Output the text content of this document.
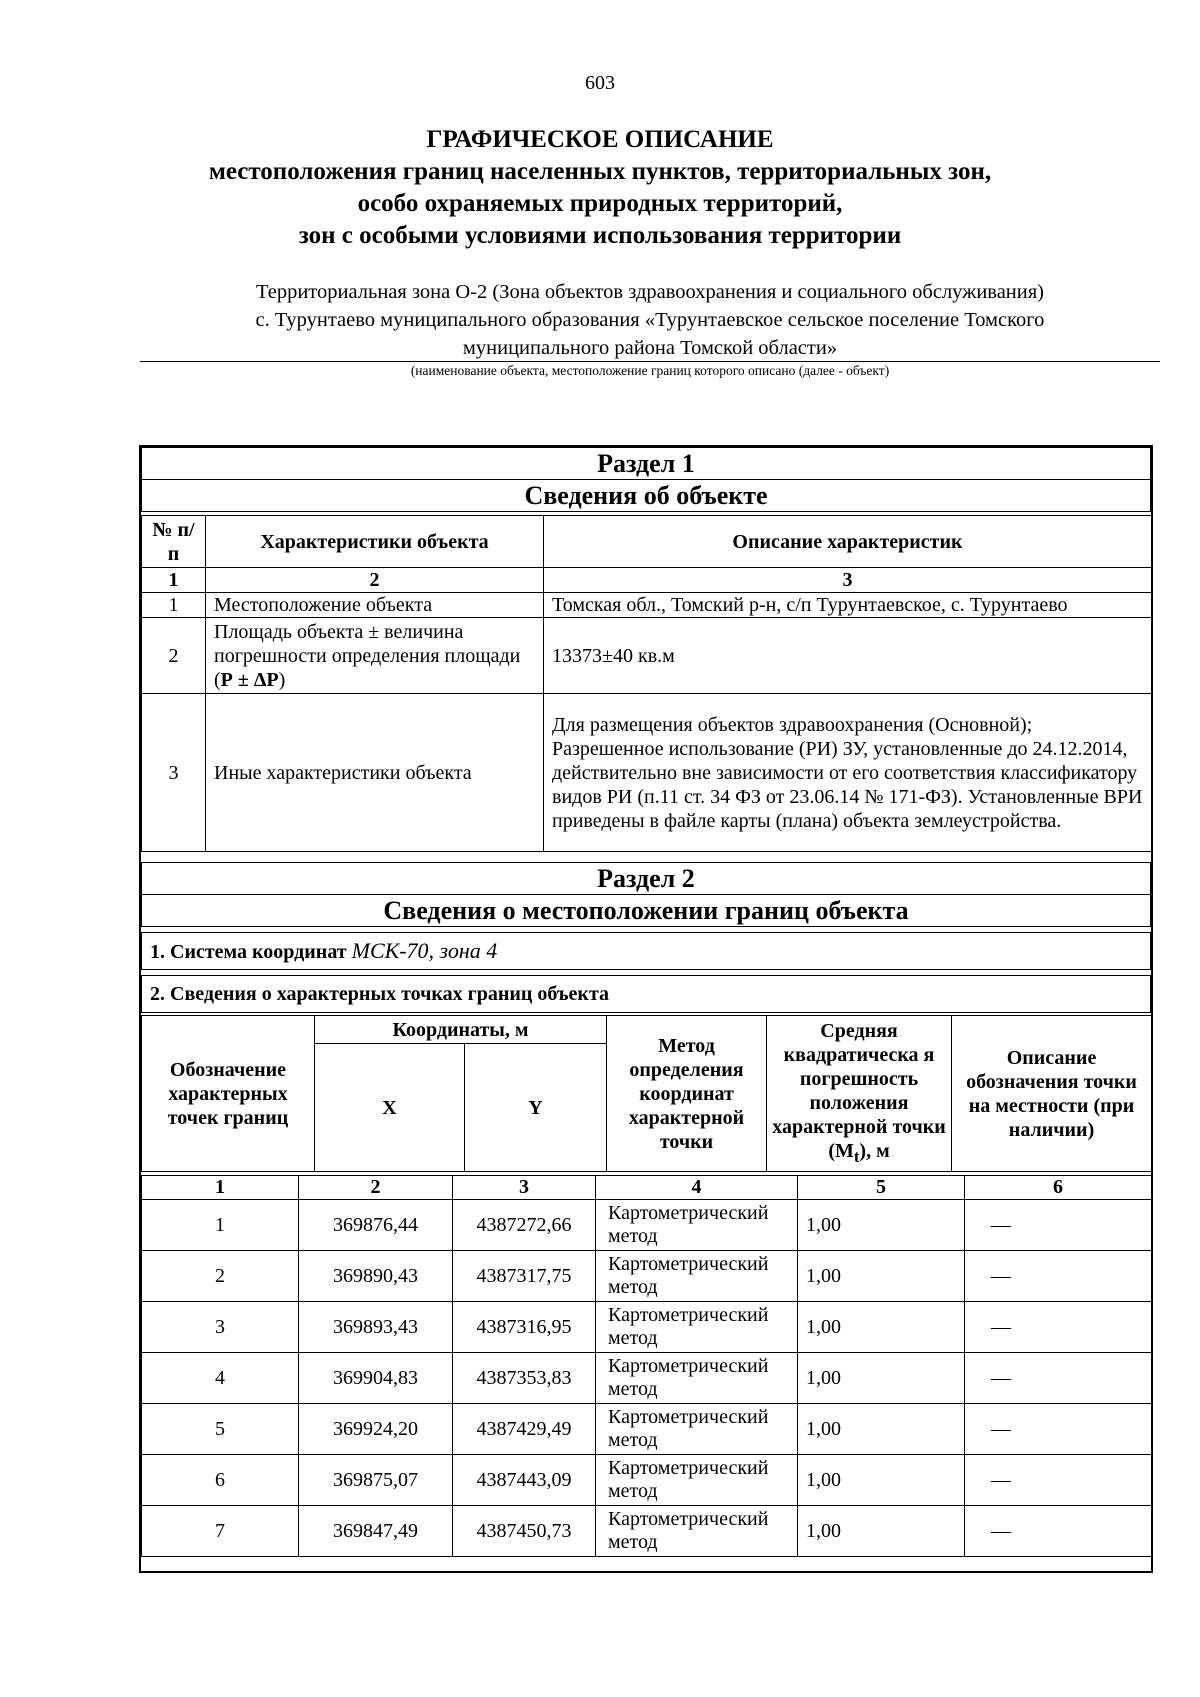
603
ГРАФИЧЕСКОЕ ОПИСАНИЕ
местоположения границ населенных пунктов, территориальных зон,
особо охраняемых природных территорий,
зон с особыми условиями использования территории
Территориальная зона О-2 (Зона объектов здравоохранения и социального обслуживания)
с. Турунтаево муниципального образования «Турунтаевское сельское поселение Томского
муниципального района Томской области»
(наименование объекта, местоположение границ которого описано (далее - объект)
Раздел 1
Сведения об объекте
№ п/п	Характеристики объекта	Описание характеристик
1	2	3
1	Местоположение объекта	Томская обл., Томский р-н, с/п Турунтаевское, с. Турунтаево
2	Площадь объекта ± величина погрешности определения площади (Р ± ΔР)	13373±40 кв.м
3	Иные характеристики объекта	Для размещения объектов здравоохранения (Основной); Разрешенное использование (РИ) ЗУ, установленные до 24.12.2014, действительно вне зависимости от его соответствия классификатору видов РИ (п.11 ст. 34 ФЗ от 23.06.14 № 171-ФЗ). Установленные ВРИ приведены в файле карты (плана) объекта землеустройства.
Раздел 2
Сведения о местоположении границ объекта
1. Система координат МСК-70, зона 4
2. Сведения о характерных точках границ объекта
Обозначение характерных точек границ	Координаты, м		Метод определения координат характерной точки	Средняя квадратическа я погрешность положения характерной точки $(M_t)$, м	Описание обозначения точки на местности (при наличии)
	X	Y			
1	2	3	4	5	6
1	369876,44	4387272,66	Картометрический метод	1,00	—
2	369890,43	4387317,75	Картометрический метод	1,00	—
3	369893,43	4387316,95	Картометрический метод	1,00	—
4	369904,83	4387353,83	Картометрический метод	1,00	—
5	369924,20	4387429,49	Картометрический метод	1,00	—
6	369875,07	4387443,09	Картометрический метод	1,00	—
7	369847,49	4387450,73	Картометрический метод	1,00	—
